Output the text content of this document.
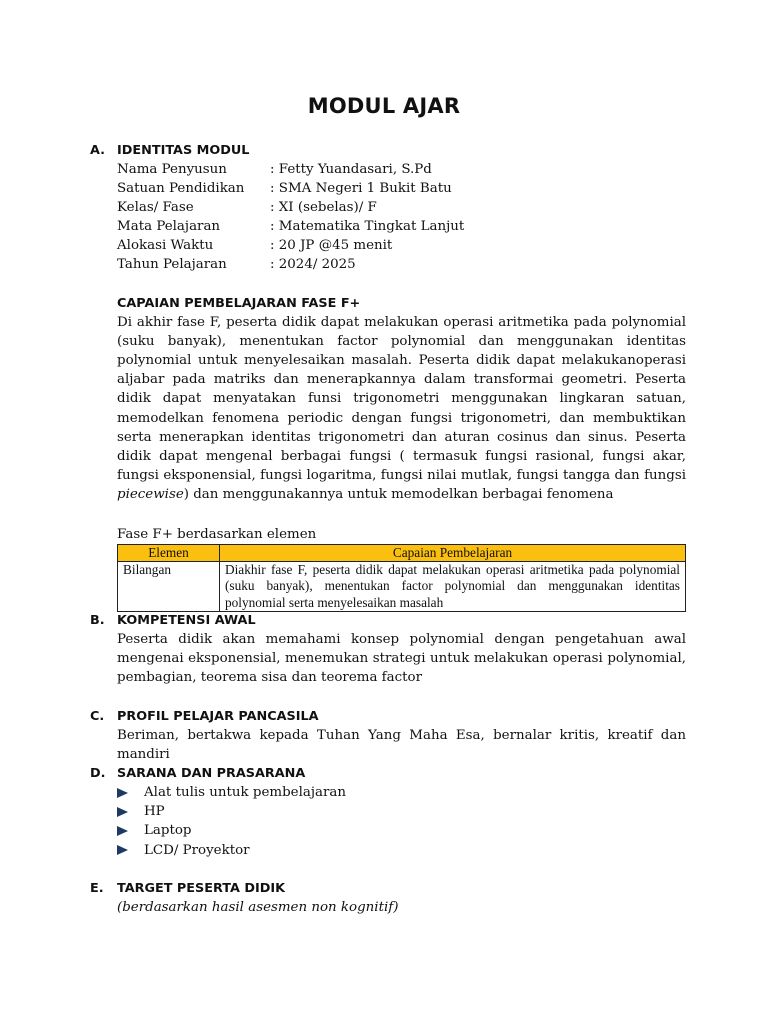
MODUL AJAR
A. IDENTITAS MODUL
Nama Penyusun	: Fetty Yuandasari, S.Pd
Satuan Pendidikan	: SMA Negeri 1 Bukit Batu
Kelas/ Fase	: XI (sebelas)/ F
Mata Pelajaran	: Matematika Tingkat Lanjut
Alokasi Waktu	: 20 JP @45 menit
Tahun Pelajaran	: 2024/ 2025
CAPAIAN PEMBELAJARAN FASE F+

Di akhir fase F, peserta didik dapat melakukan operasi aritmetika pada polynomial (suku banyak), menentukan factor polynomial dan menggunakan identitas polynomial untuk menyelesaikan masalah. Peserta didik dapat melakukanoperasi aljabar pada matriks dan menerapkannya dalam transformai geometri. Peserta didik dapat menyatakan funsi trigonometri menggunakan lingkaran satuan, memodelkan fenomena periodic dengan fungsi trigonometri, dan membuktikan serta menerapkan identitas trigonometri dan aturan cosinus dan sinus. Peserta didik dapat mengenal berbagai fungsi ( termasuk fungsi rasional, fungsi akar, fungsi eksponensial, fungsi logaritma, fungsi nilai mutlak, fungsi tangga dan fungsi piecewise) dan menggunakannya untuk memodelkan berbagai fenomena

Fase F+ berdasarkan elemen
Elemen	Capaian Pembelajaran
Bilangan	Diakhir fase F, peserta didik dapat melakukan operasi aritmetika pada polynomial (suku banyak), menentukan factor polynomial dan menggunakan identitas polynomial serta menyelesaikan masalah
B. KOMPETENSI AWAL

Peserta didik akan memahami konsep polynomial dengan pengetahuan awal mengenai eksponensial, menemukan strategi untuk melakukan operasi polynomial, pembagian, teorema sisa dan teorema factor

C. PROFIL PELAJAR PANCASILA

Beriman, bertakwa kepada Tuhan Yang Maha Esa, bernalar kritis, kreatif dan mandiri

D. SARANA DAN PRASARANA
Alat tulis untuk pembelajaran
HP
Laptop
LCD/ Proyektor
E.	TARGET PESERTA DIDIK

(berdasarkan hasil asesmen non kognitif)
